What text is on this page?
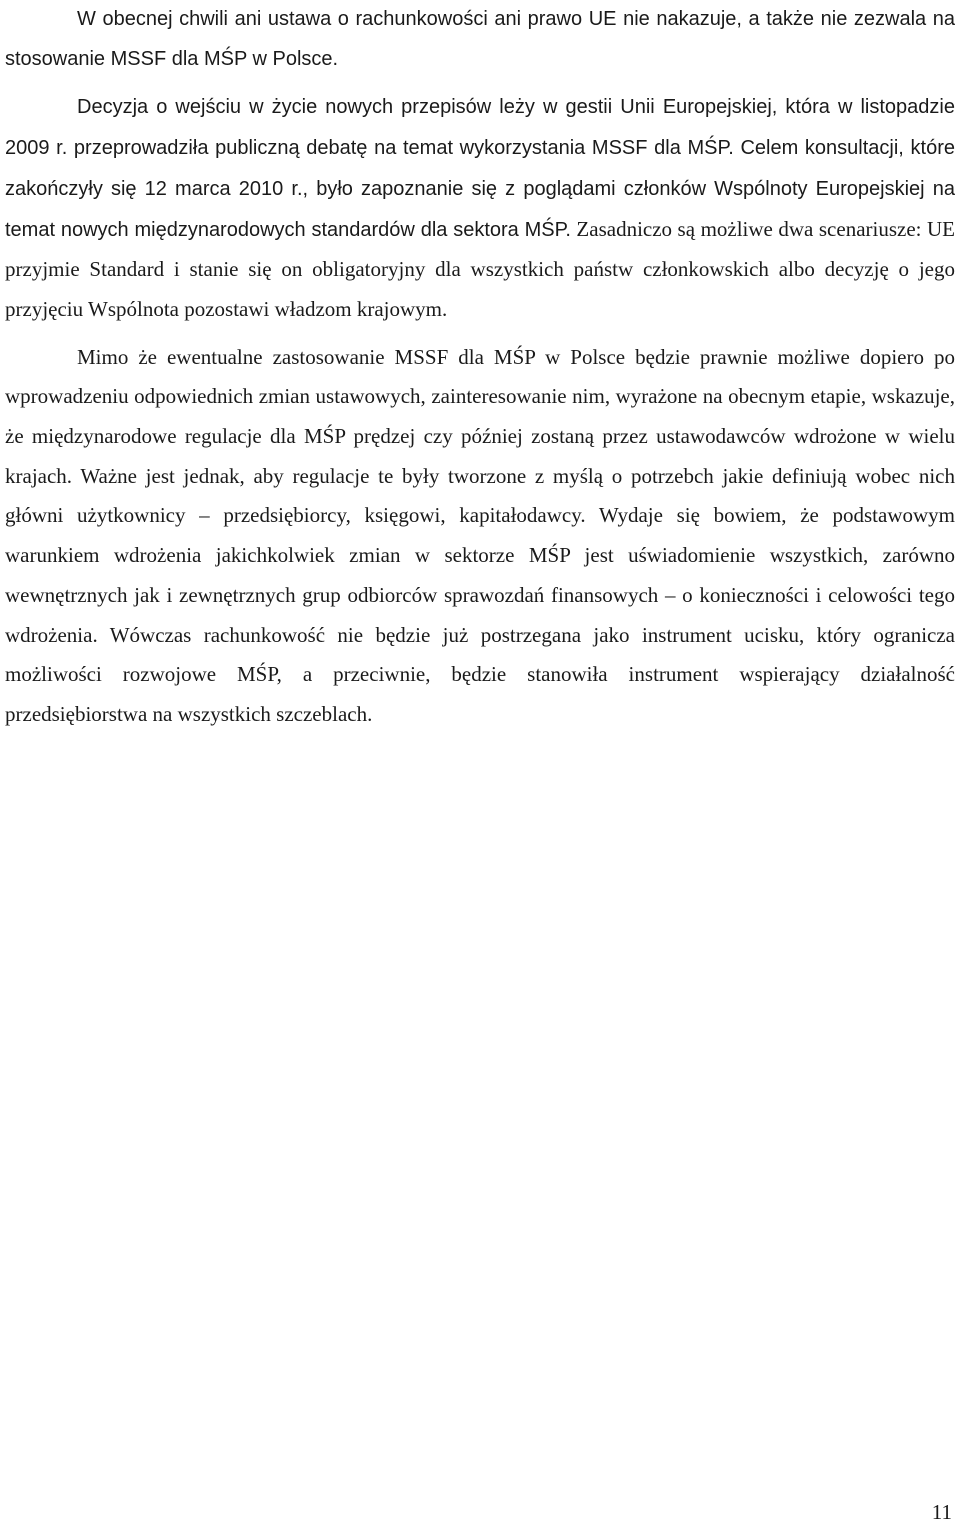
W obecnej chwili ani ustawa o rachunkowości ani prawo UE nie nakazuje, a także nie zezwala na stosowanie MSSF dla MŚP w Polsce.

Decyzja o wejściu w życie nowych przepisów leży w gestii Unii Europejskiej, która w listopadzie 2009 r. przeprowadziła publiczną debatę na temat wykorzystania MSSF dla MŚP. Celem konsultacji, które zakończyły się 12 marca 2010 r., było zapoznanie się z poglądami członków Wspólnoty Europejskiej na temat nowych międzynarodowych standardów dla sektora MŚP. Zasadniczo są możliwe dwa scenariusze: UE przyjmie Standard i stanie się on obligatoryjny dla wszystkich państw członkowskich albo decyzję o jego przyjęciu Wspólnota pozostawi władzom krajowym.

Mimo że ewentualne zastosowanie MSSF dla MŚP w Polsce będzie prawnie możliwe dopiero po wprowadzeniu odpowiednich zmian ustawowych, zainteresowanie nim, wyrażone na obecnym etapie, wskazuje, że międzynarodowe regulacje dla MŚP prędzej czy później zostaną przez ustawodawców wdrożone w wielu krajach. Ważne jest jednak, aby regulacje te były tworzone z myślą o potrzebch jakie definiują wobec nich główni użytkownicy – przedsiębiorcy, księgowi, kapitałodawcy. Wydaje się bowiem, że podstawowym warunkiem wdrożenia jakichkolwiek zmian w sektorze MŚP jest uświadomienie wszystkich, zarówno wewnętrznych jak i zewnętrznych grup odbiorców sprawozdań finansowych – o konieczności i celowości tego wdrożenia. Wówczas rachunkowość nie będzie już postrzegana jako instrument ucisku, który ogranicza możliwości rozwojowe MŚP, a przeciwnie, będzie stanowiła instrument wspierający działalność przedsiębiorstwa na wszystkich szczeblach.

11
